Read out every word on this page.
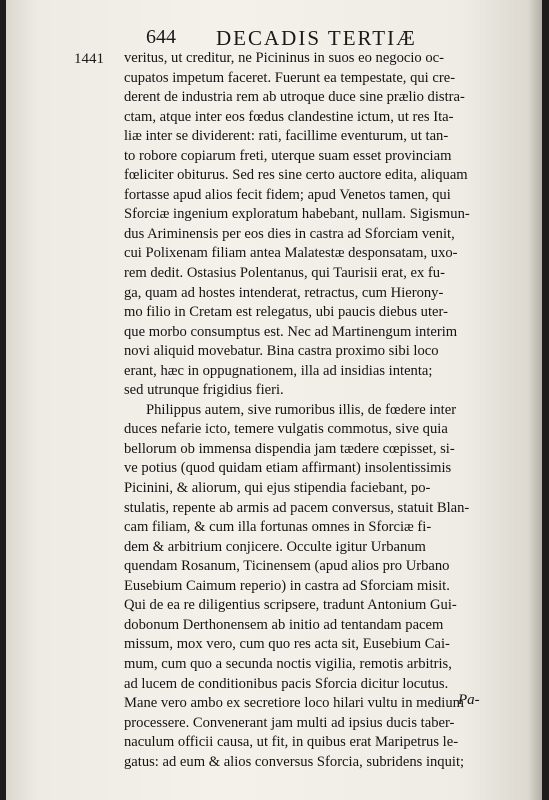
644 DECADIS TERTIÆ
1441 veritus, ut creditur, ne Picininus in suos eo negocio oc-
cupatos impetum faceret. Fuerunt ea tempestate, qui cre-
derent de industria rem ab utroque duce sine prælio distra-
ctam, atque inter eos fœdus clandestine ictum, ut res Ita-
liæ inter se dividerent: rati, facillime eventurum, ut tan-
to robore copiarum freti, uterque suam esset provinciam
fœliciter obiturus. Sed res sine certo auctore edita, aliquam
fortasse apud alios fecit fidem; apud Venetos tamen, qui
Sforciæ ingenium exploratum habebant, nullam. Sigismun-
dus Ariminensis per eos dies in castra ad Sforciam venit,
cui Polixenam filiam antea Malatestæ desponsatam, uxo-
rem dedit. Ostasius Polentanus, qui Taurisii erat, ex fu-
ga, quam ad hostes intenderat, retractus, cum Hierony-
mo filio in Cretam est relegatus, ubi paucis diebus uter-
que morbo consumptus est. Nec ad Martinengum interim
novi aliquid movebatur. Bina castra proximo sibi loco
erant, hæc in oppugnationem, illa ad insidias intenta;
sed utrunque frigidius fieri.
Philippus autem, sive rumoribus illis, de fœdere inter
duces nefarie icto, temere vulgatis commotus, sive quia
bellorum ob immensa dispendia jam tædere cœpisset, si-
ve potius (quod quidam etiam affirmant) insolentissimis
Picinini, & aliorum, qui ejus stipendia faciebant, po-
stulatis, repente ab armis ad pacem conversus, statuit Blan-
cam filiam, & cum illa fortunas omnes in Sforciæ fi-
dem & arbitrium conjicere. Occulte igitur Urbanum
quendam Rosanum, Ticinensem (apud alios pro Urbano
Eusebium Caimum reperio) in castra ad Sforciam misit.
Qui de ea re diligentius scripsere, tradunt Antonium Gui-
dobonum Derthonensem ab initio ad tentandam pacem
missum, mox vero, cum quo res acta sit, Eusebium Cai-
mum, cum quo a secunda noctis vigilia, remotis arbitris,
ad lucem de conditionibus pacis Sforcia dicitur locutus.
Mane vero ambo ex secretiore loco hilari vultu in medium
processere. Convenerant jam multi ad ipsius ducis taber-
naculum officii causa, ut fit, in quibus erat Maripetrus le-
gatus: ad eum & alios conversus Sforcia, subridens inquit;
Pa-
